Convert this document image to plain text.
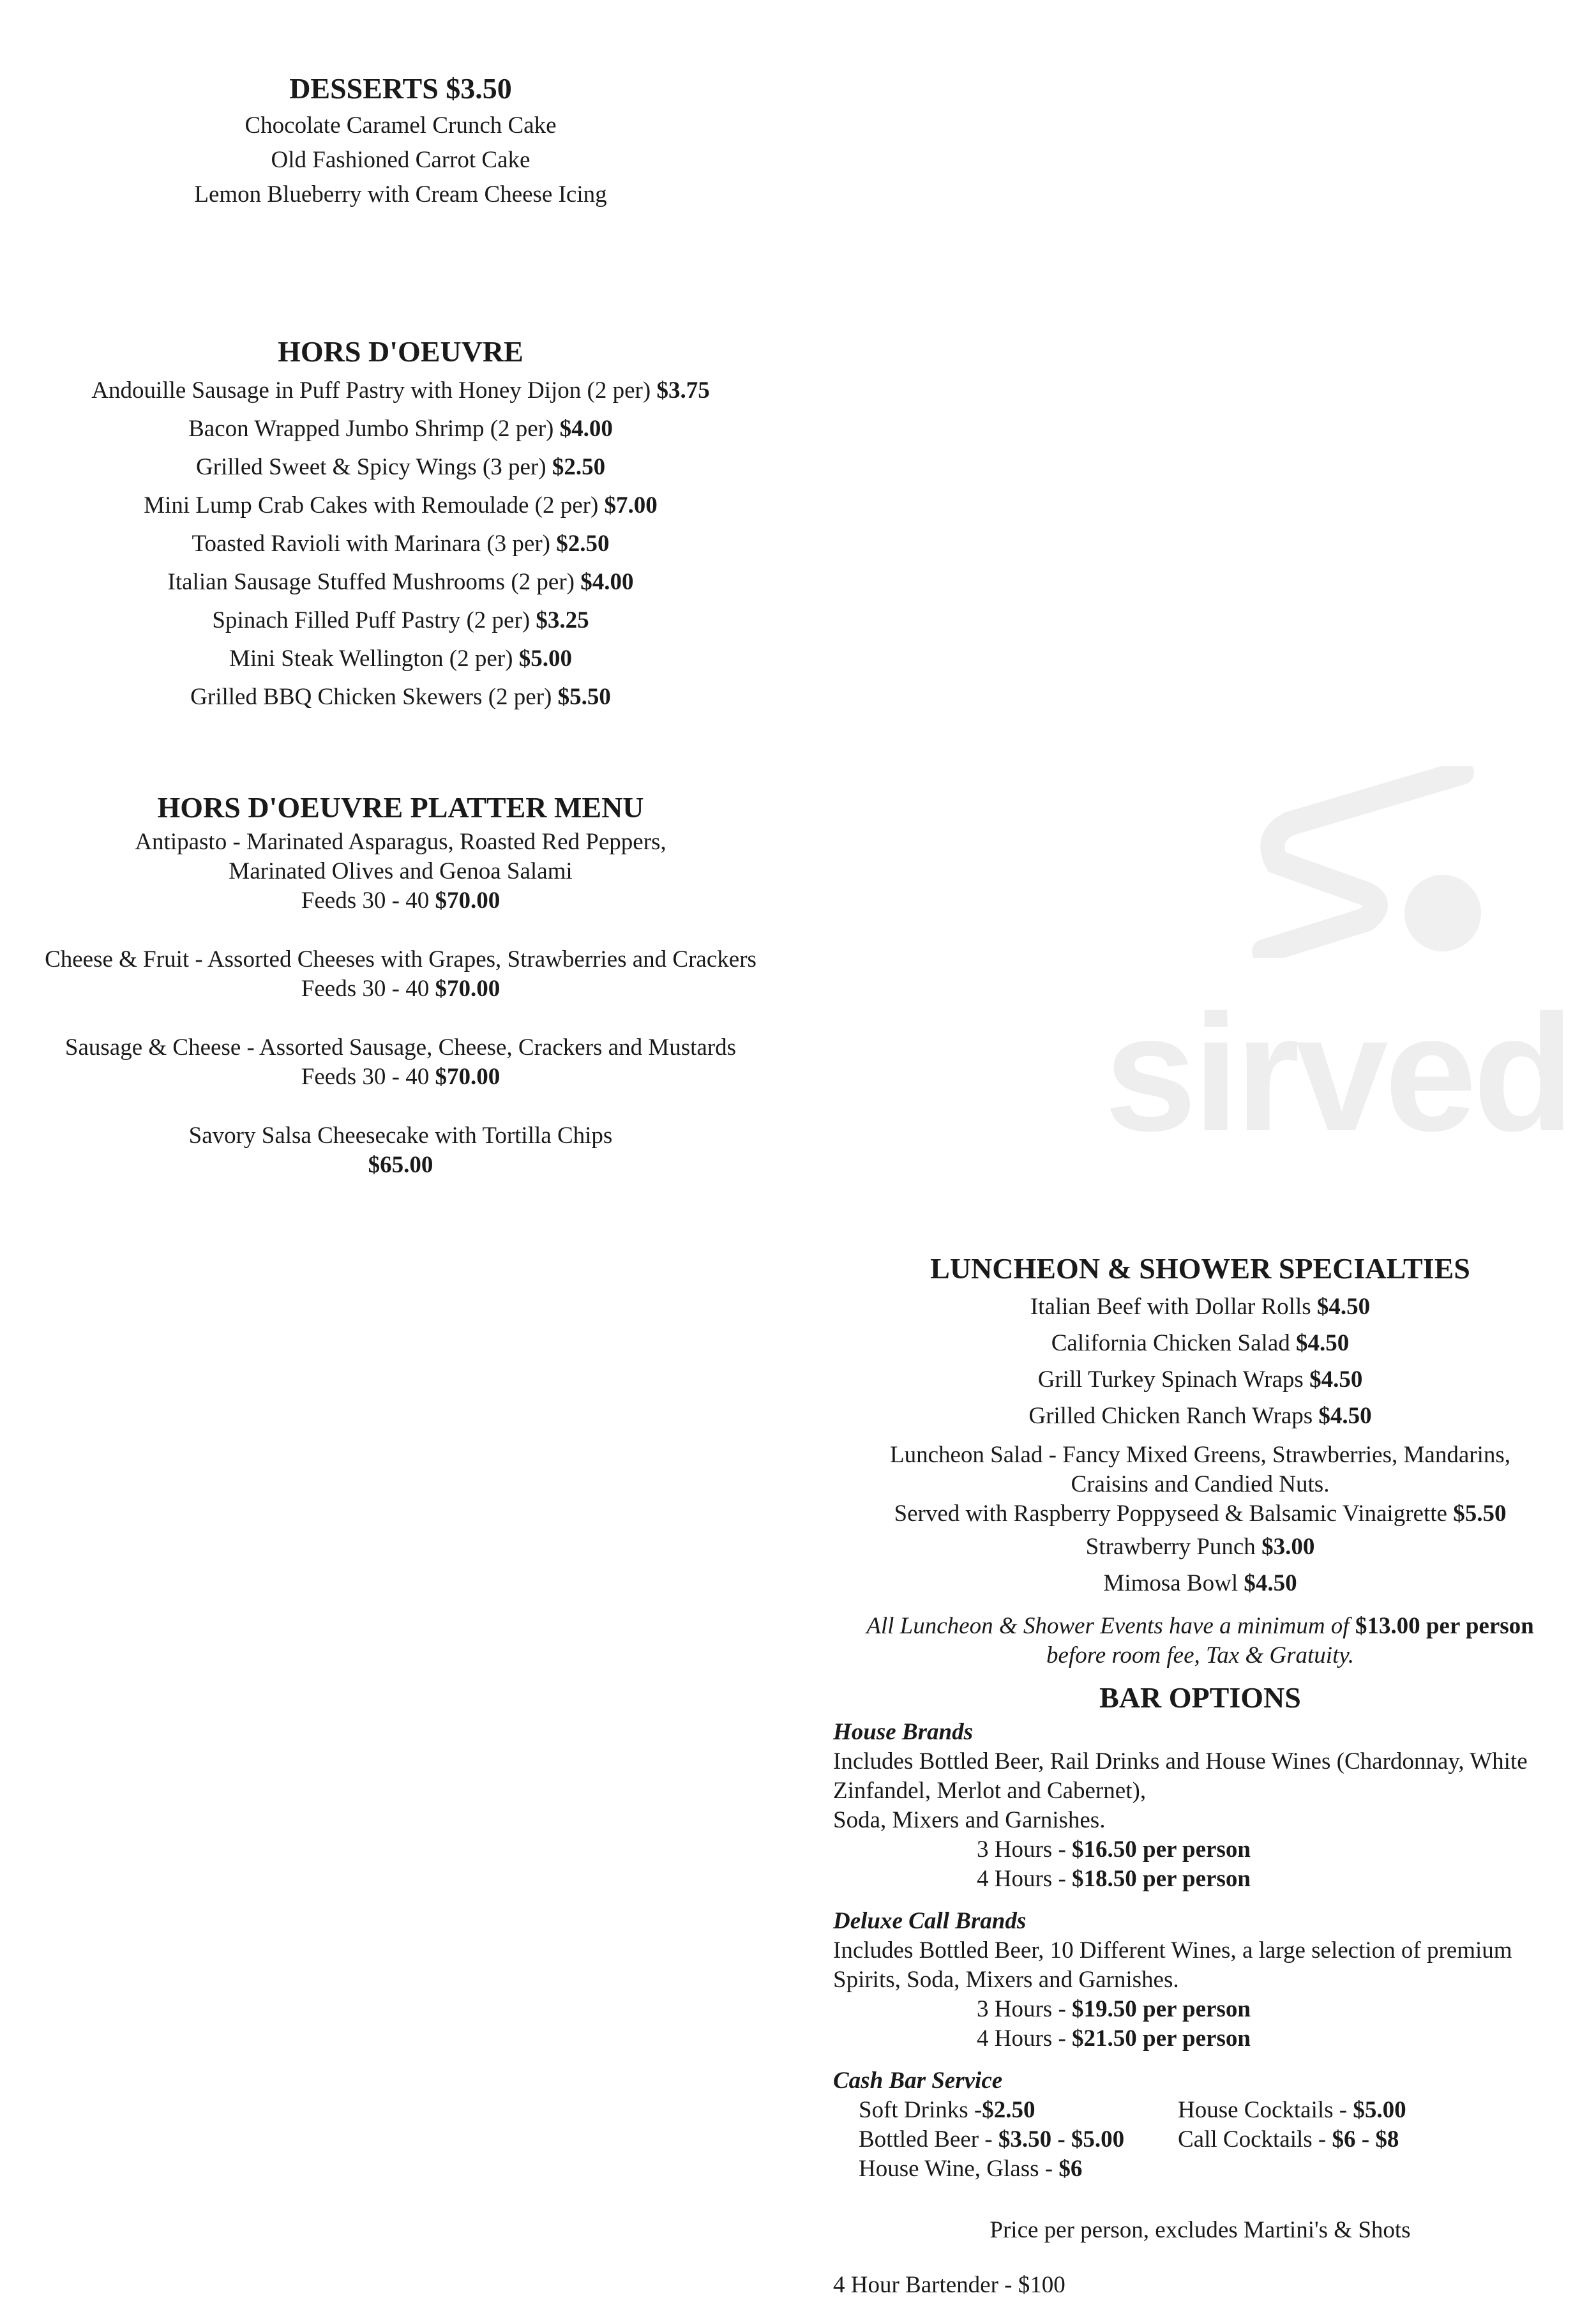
sirved
DESSERTS $3.50
Chocolate Caramel Crunch Cake
Old Fashioned Carrot Cake
Lemon Blueberry with Cream Cheese Icing
HORS D'OEUVRE
Andouille Sausage in Puff Pastry with Honey Dijon (2 per) $3.75
Bacon Wrapped Jumbo Shrimp (2 per) $4.00
Grilled Sweet & Spicy Wings (3 per) $2.50
Mini Lump Crab Cakes with Remoulade (2 per) $7.00
Toasted Ravioli with Marinara (3 per) $2.50
Italian Sausage Stuffed Mushrooms (2 per) $4.00
Spinach Filled Puff Pastry (2 per) $3.25
Mini Steak Wellington (2 per) $5.00
Grilled BBQ Chicken Skewers (2 per) $5.50
HORS D'OEUVRE PLATTER MENU
Antipasto - Marinated Asparagus, Roasted Red Peppers,
Marinated Olives and Genoa Salami
Feeds 30 - 40 $70.00
Cheese & Fruit - Assorted Cheeses with Grapes, Strawberries and Crackers
Feeds 30 - 40 $70.00
Sausage & Cheese - Assorted Sausage, Cheese, Crackers and Mustards
Feeds 30 - 40 $70.00
Savory Salsa Cheesecake with Tortilla Chips
$65.00
LUNCHEON & SHOWER SPECIALTIES
Italian Beef with Dollar Rolls $4.50
California Chicken Salad $4.50
Grill Turkey Spinach Wraps $4.50
Grilled Chicken Ranch Wraps $4.50
Luncheon Salad - Fancy Mixed Greens, Strawberries, Mandarins,
Craisins and Candied Nuts.
Served with Raspberry Poppyseed & Balsamic Vinaigrette $5.50
Strawberry Punch $3.00
Mimosa Bowl $4.50
All Luncheon & Shower Events have a minimum of $13.00 per person
before room fee, Tax & Gratuity.
BAR OPTIONS
House Brands
Includes Bottled Beer, Rail Drinks and House Wines (Chardonnay, White
Zinfandel, Merlot and Cabernet),
Soda, Mixers and Garnishes.
3 Hours - $16.50 per person
4 Hours - $18.50 per person
Deluxe Call Brands
Includes Bottled Beer, 10 Different Wines, a large selection of premium
Spirits, Soda, Mixers and Garnishes.
3 Hours - $19.50 per person
4 Hours - $21.50 per person
Cash Bar Service
Soft Drinks -$2.50	House Cocktails - $5.00
Bottled Beer - $3.50 - $5.00	Call Cocktails - $6 - $8
House Wine, Glass - $6
Price per person, excludes Martini's & Shots
4 Hour Bartender - $100
